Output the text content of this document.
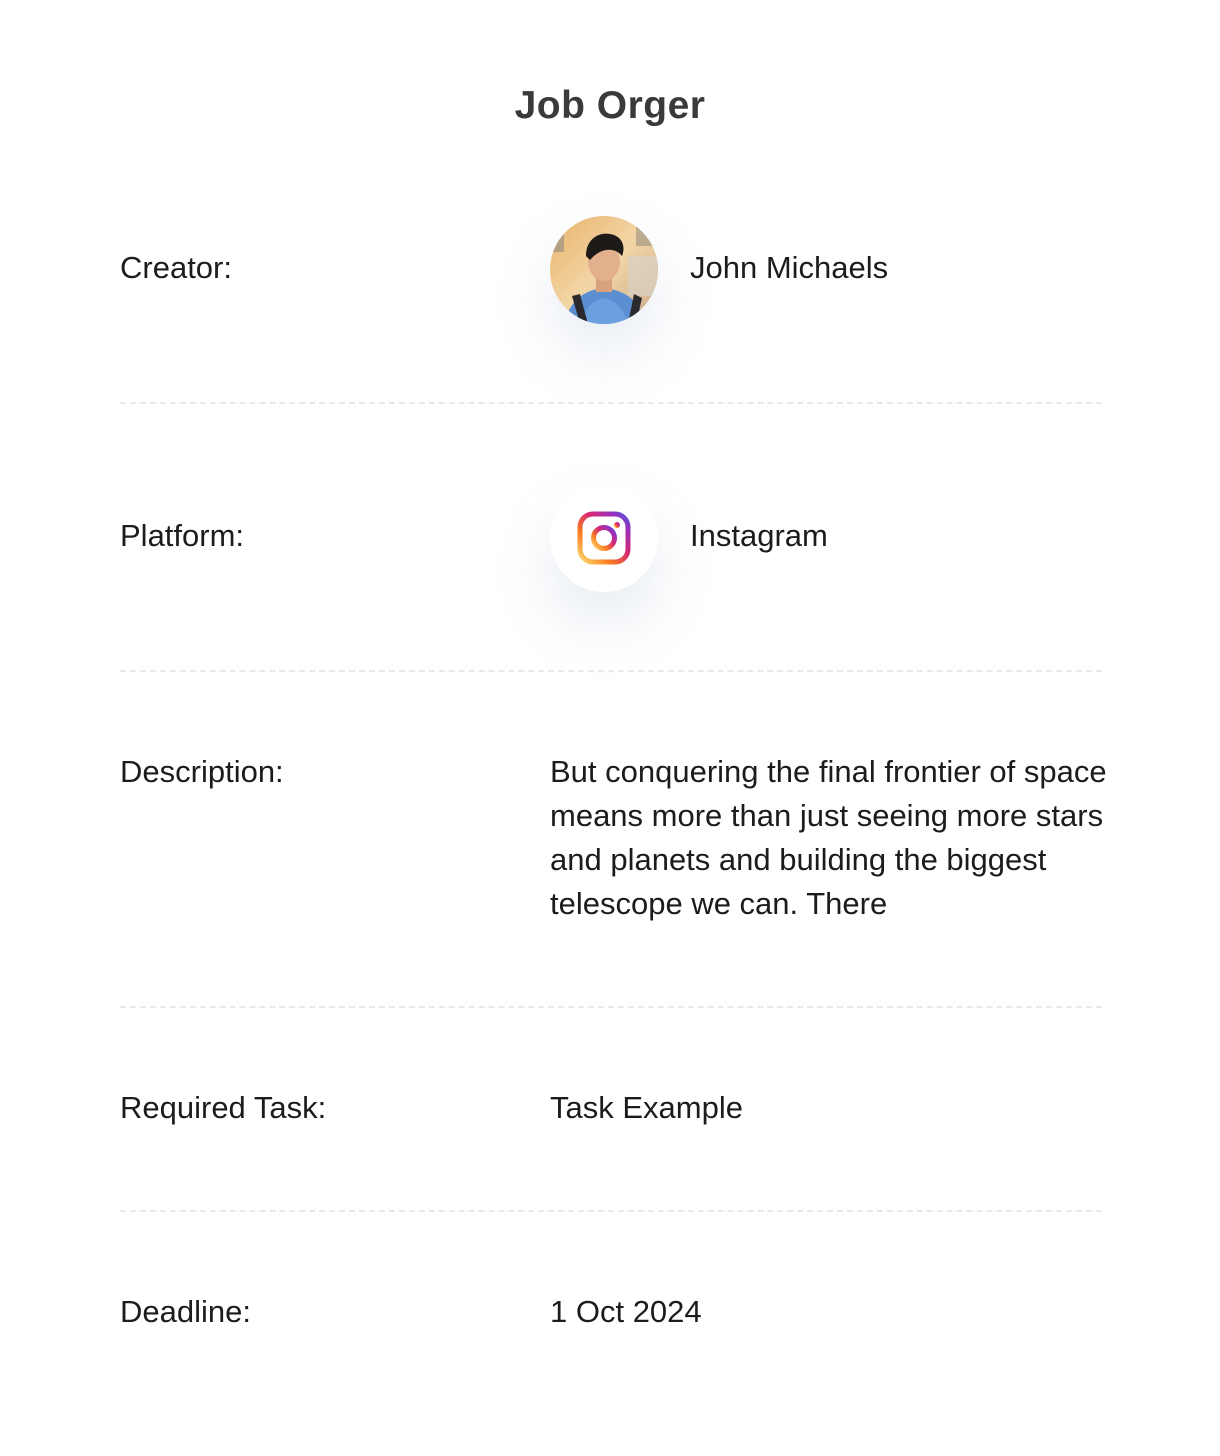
Job Orger
Creator:	John Michaels
Platform:	Instagram
Description:	But conquering the final frontier of space means more than just seeing more stars and planets and building the biggest telescope we can. There
Required Task:	Task Example
Deadline:	1 Oct 2024
